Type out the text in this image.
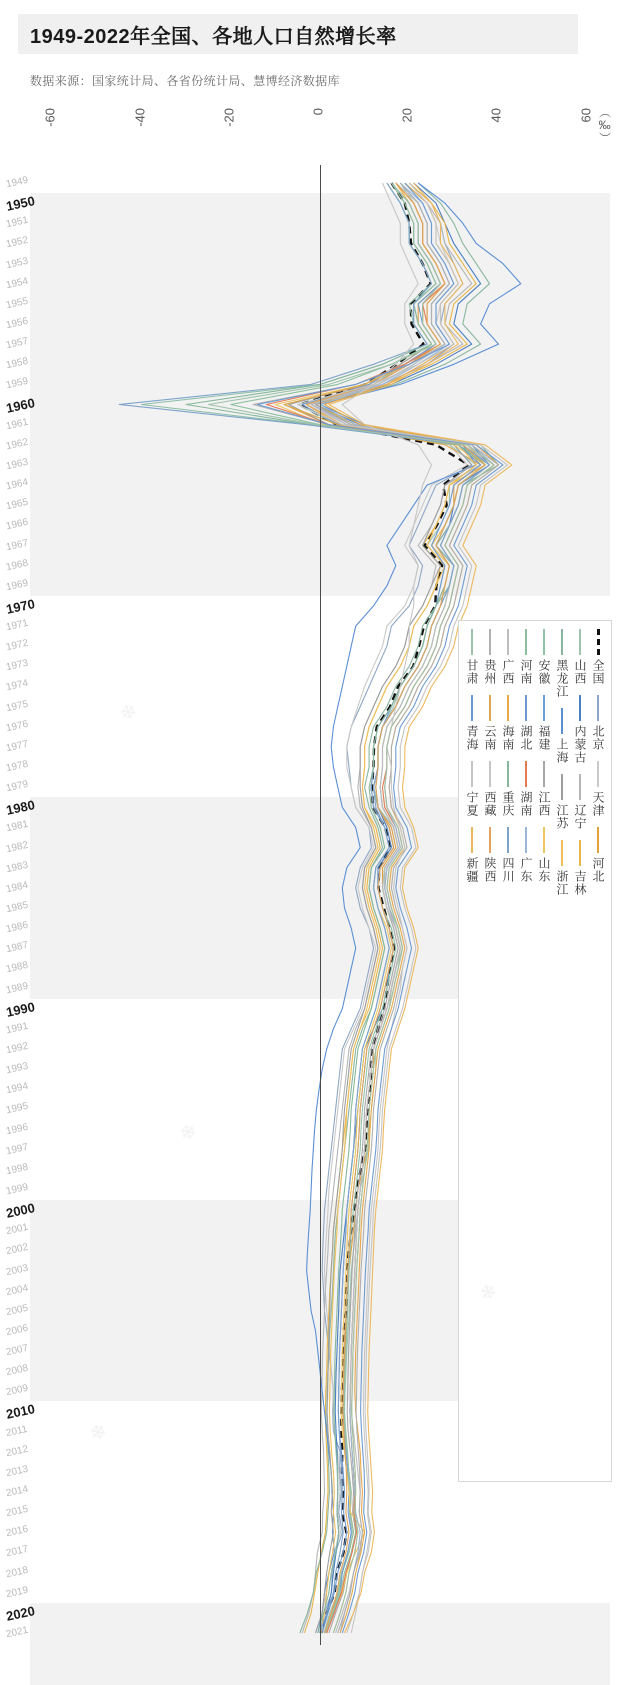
1949-2022年全国、各地人口自然增长率
数据来源：国家统计局、各省份统计局、慧博经济数据库
-60	-40	-20	0	20	40	60 （‰）
1949
1950
1951
1952
1953
1954
1955
1956
1957
1958
1959
1960
1961
1962
1963
1964
1965
1966
1967
1968
1969
1970
1971
1972
1973
1974
1975
1976
1977
1978
1979
1980
1981
1982
1983
1984
1985
1986
1987
1988
1989
1990
1991
1992
1993
1994
1995
1996
1997
1998
1999
2000
2001
2002
2003
2004
2005
2006
2007
2008
2009
2010
2011
2012
2013
2014
2015
2016
2017
2018
2019
2020
2021
全国
北京
天津
河北
山西
内蒙古
辽宁
吉林
黑龙江
上海
江苏
浙江
安徽
福建
江西
山东
河南
湖北
湖南
广东
广西
海南
重庆
四川
贵州
云南
西藏
陕西
甘肃
青海
宁夏
新疆
❄
❄
❄
❄
❄
❄
❄
❄
